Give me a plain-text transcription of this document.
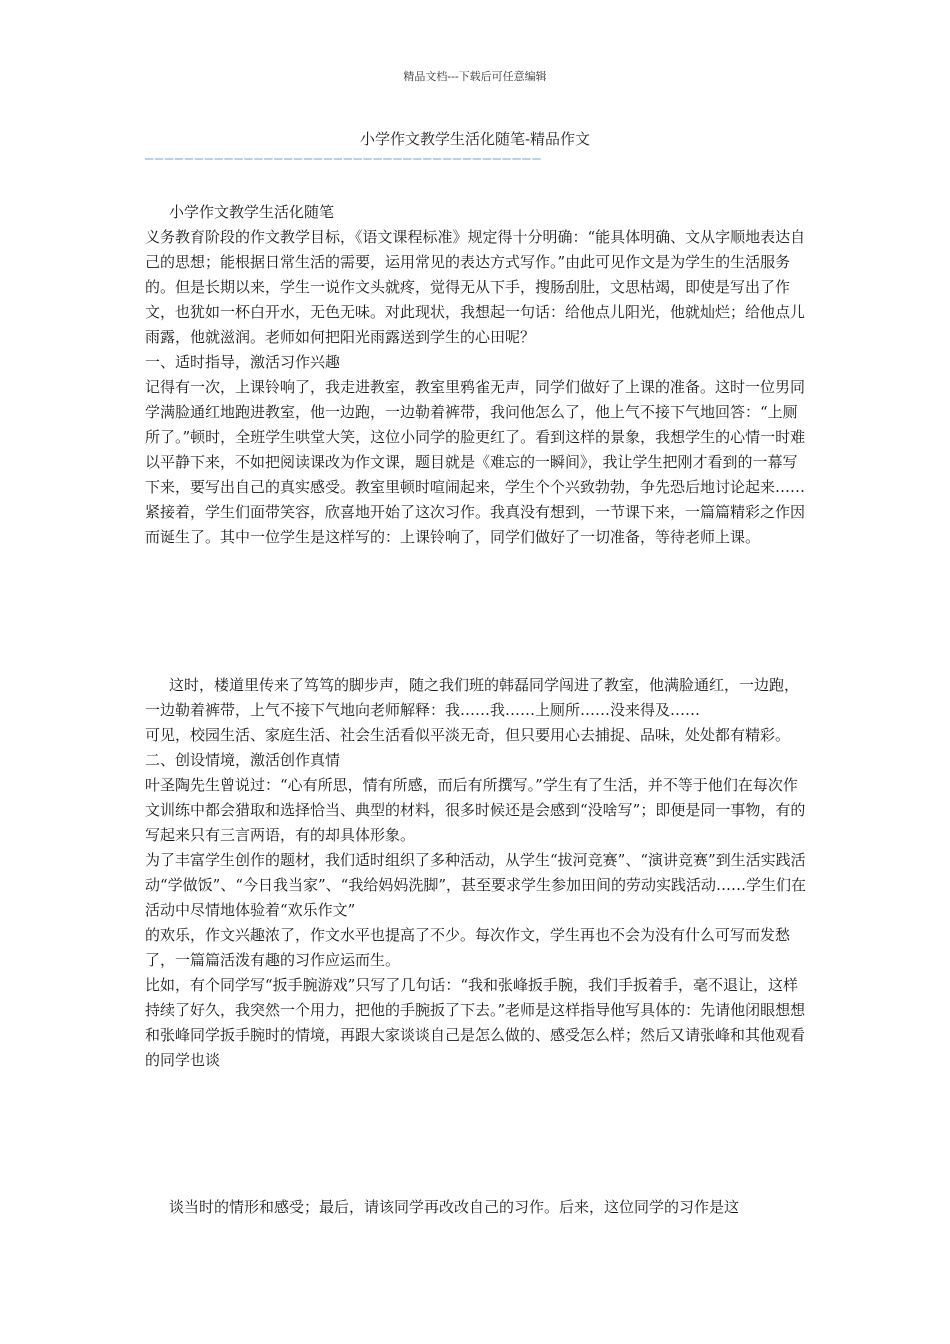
精品文档---下载后可任意编辑
小学作文教学生活化随笔-精品作文
————————————————————————————————————————

小学作文教学生活化随笔

义务教育阶段的作文教学目标，《语文课程标准》规定得十分明确：“能具体明确、文从字顺地表达自己的思想；能根据日常生活的需要，运用常见的表达方式写作。”由此可见作文是为学生的生活服务的。但是长期以来，学生一说作文头就疼，觉得无从下手，搜肠刮肚，文思枯竭，即使是写出了作文，也犹如一杯白开水，无色无味。对此现状，我想起一句话：给他点儿阳光，他就灿烂；给他点儿雨露，他就滋润。老师如何把阳光雨露送到学生的心田呢？

一、适时指导，激活习作兴趣

记得有一次，上课铃响了，我走进教室，教室里鸦雀无声，同学们做好了上课的准备。这时一位男同学满脸通红地跑进教室，他一边跑，一边勒着裤带，我问他怎么了，他上气不接下气地回答：“上厕所了。”顿时，全班学生哄堂大笑，这位小同学的脸更红了。看到这样的景象，我想学生的心情一时难以平静下来，不如把阅读课改为作文课，题目就是《难忘的一瞬间》，我让学生把刚才看到的一幕写下来，要写出自己的真实感受。教室里顿时喧闹起来，学生个个兴致勃勃，争先恐后地讨论起来……紧接着，学生们面带笑容，欣喜地开始了这次习作。我真没有想到，一节课下来，一篇篇精彩之作因而诞生了。其中一位学生是这样写的：上课铃响了，同学们做好了一切准备，等待老师上课。

这时，楼道里传来了笃笃的脚步声，随之我们班的韩磊同学闯进了教室，他满脸通红，一边跑，一边勒着裤带，上气不接下气地向老师解释：我……我……上厕所……没来得及……

可见，校园生活、家庭生活、社会生活看似平淡无奇，但只要用心去捕捉、品味，处处都有精彩。

二、创设情境，激活创作真情

叶圣陶先生曾说过：“心有所思，情有所感，而后有所撰写。”学生有了生活，并不等于他们在每次作文训练中都会猎取和选择恰当、典型的材料，很多时候还是会感到“没啥写”；即便是同一事物，有的写起来只有三言两语，有的却具体形象。

为了丰富学生创作的题材，我们适时组织了多种活动，从学生“拔河竞赛”、“演讲竞赛”到生活实践活动“学做饭”、“今日我当家”、“我给妈妈洗脚”，甚至要求学生参加田间的劳动实践活动……学生们在活动中尽情地体验着“欢乐作文”

的欢乐，作文兴趣浓了，作文水平也提高了不少。每次作文，学生再也不会为没有什么可写而发愁了，一篇篇活泼有趣的习作应运而生。

比如，有个同学写“扳手腕游戏”只写了几句话：“我和张峰扳手腕，我们手扳着手，毫不退让，这样持续了好久，我突然一个用力，把他的手腕扳了下去。”老师是这样指导他写具体的：先请他闭眼想想和张峰同学扳手腕时的情境，再跟大家谈谈自己是怎么做的、感受怎么样；然后又请张峰和其他观看的同学也谈

谈当时的情形和感受；最后，请该同学再改改自己的习作。后来，这位同学的习作是这
